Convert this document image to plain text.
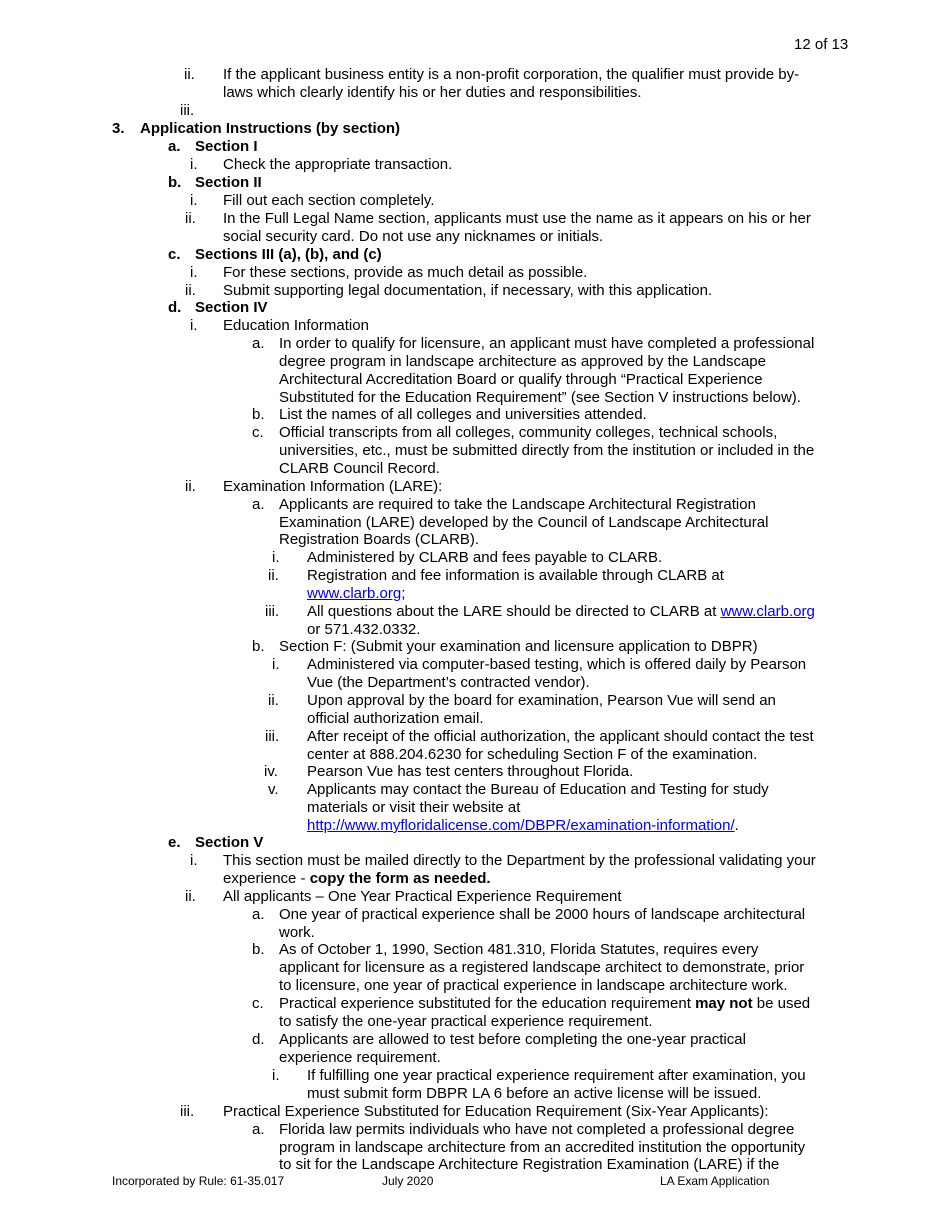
12 of 13
ii. If the applicant business entity is a non-profit corporation, the qualifier must provide by-
laws which clearly identify his or her duties and responsibilities.
iii.
3. Application Instructions (by section)
a. Section I
i. Check the appropriate transaction.
b. Section II
i. Fill out each section completely.
ii. In the Full Legal Name section, applicants must use the name as it appears on his or her
social security card. Do not use any nicknames or initials.
c. Sections III (a), (b), and (c)
i. For these sections, provide as much detail as possible.
ii. Submit supporting legal documentation, if necessary, with this application.
d. Section IV
i. Education Information
a. In order to qualify for licensure, an applicant must have completed a professional
degree program in landscape architecture as approved by the Landscape
Architectural Accreditation Board or qualify through “Practical Experience
Substituted for the Education Requirement” (see Section V instructions below).
b. List the names of all colleges and universities attended.
c. Official transcripts from all colleges, community colleges, technical schools,
universities, etc., must be submitted directly from the institution or included in the
CLARB Council Record.
ii. Examination Information (LARE):
a. Applicants are required to take the Landscape Architectural Registration
Examination (LARE) developed by the Council of Landscape Architectural
Registration Boards (CLARB).
i. Administered by CLARB and fees payable to CLARB.
ii. Registration and fee information is available through CLARB at
www.clarb.org;
iii. All questions about the LARE should be directed to CLARB at www.clarb.org
or 571.432.0332.
b. Section F: (Submit your examination and licensure application to DBPR)
i. Administered via computer-based testing, which is offered daily by Pearson
Vue (the Department’s contracted vendor).
ii. Upon approval by the board for examination, Pearson Vue will send an
official authorization email.
iii. After receipt of the official authorization, the applicant should contact the test
center at 888.204.6230 for scheduling Section F of the examination.
iv. Pearson Vue has test centers throughout Florida.
v. Applicants may contact the Bureau of Education and Testing for study
materials or visit their website at
http://www.myfloridalicense.com/DBPR/examination-information/.
e. Section V
i. This section must be mailed directly to the Department by the professional validating your
experience - copy the form as needed.
ii. All applicants – One Year Practical Experience Requirement
a. One year of practical experience shall be 2000 hours of landscape architectural
work.
b. As of October 1, 1990, Section 481.310, Florida Statutes, requires every
applicant for licensure as a registered landscape architect to demonstrate, prior
to licensure, one year of practical experience in landscape architecture work.
c. Practical experience substituted for the education requirement may not be used
to satisfy the one-year practical experience requirement.
d. Applicants are allowed to test before completing the one-year practical
experience requirement.
i. If fulfilling one year practical experience requirement after examination, you
must submit form DBPR LA 6 before an active license will be issued.
iii. Practical Experience Substituted for Education Requirement (Six-Year Applicants):
a. Florida law permits individuals who have not completed a professional degree
program in landscape architecture from an accredited institution the opportunity
to sit for the Landscape Architecture Registration Examination (LARE) if the
Incorporated by Rule: 61-35.017	July 2020	LA Exam Application
